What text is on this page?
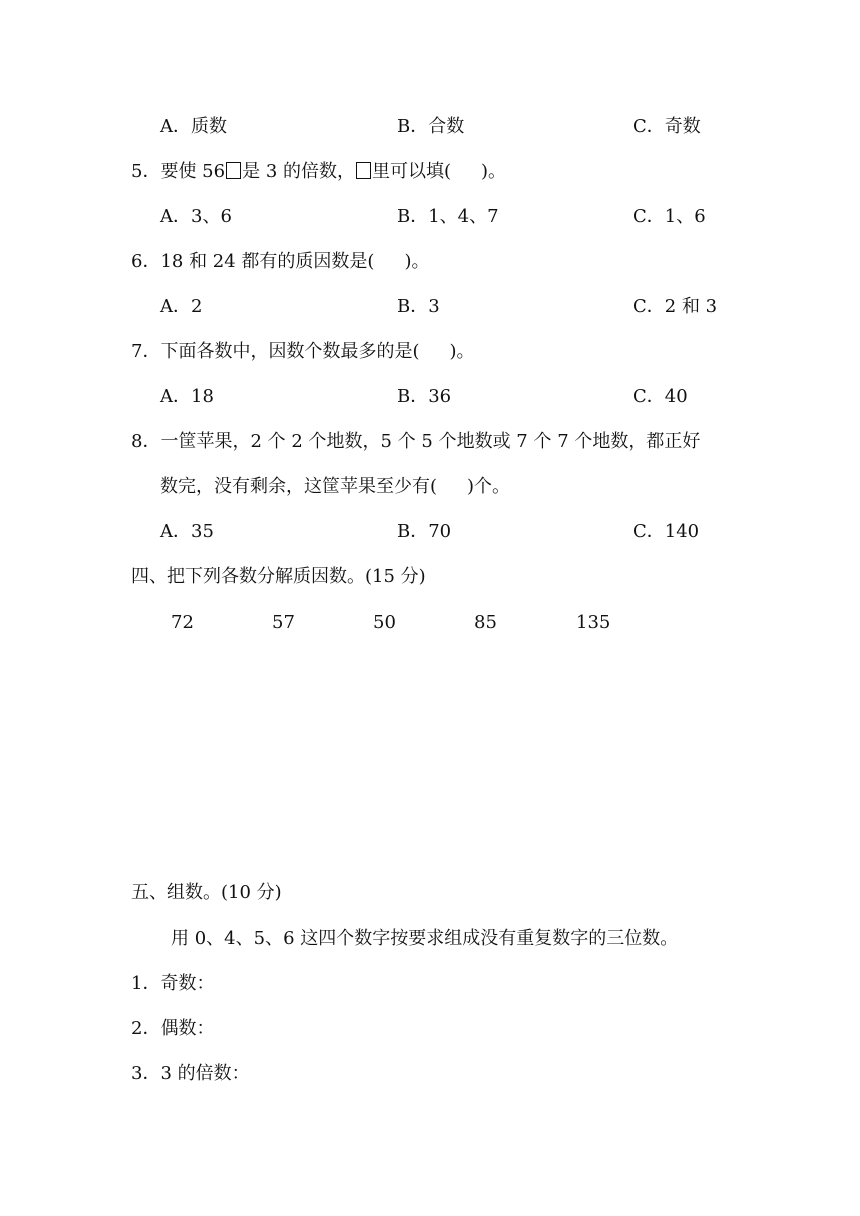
A．质数	B．合数	C．奇数
5．要使 56 是 3 的倍数， 里可以填( )。
A．3、6	B．1、4、7	C．1、6
6．18 和 24 都有的质因数是( )。
A．2	B．3	C．2 和 3
7．下面各数中，因数个数最多的是( )。
A．18	B．36	C．40
8．一筐苹果，2 个 2 个地数，5 个 5 个地数或 7 个 7 个地数，都正好
数完，没有剩余，这筐苹果至少有( )个。
A．35	B．70	C．140
四、把下列各数分解质因数。(15 分)
72	57	50	85	135
五、组数。(10 分)
用 0、4、5、6 这四个数字按要求组成没有重复数字的三位数。
1．奇数：
2．偶数：
3．3 的倍数：
